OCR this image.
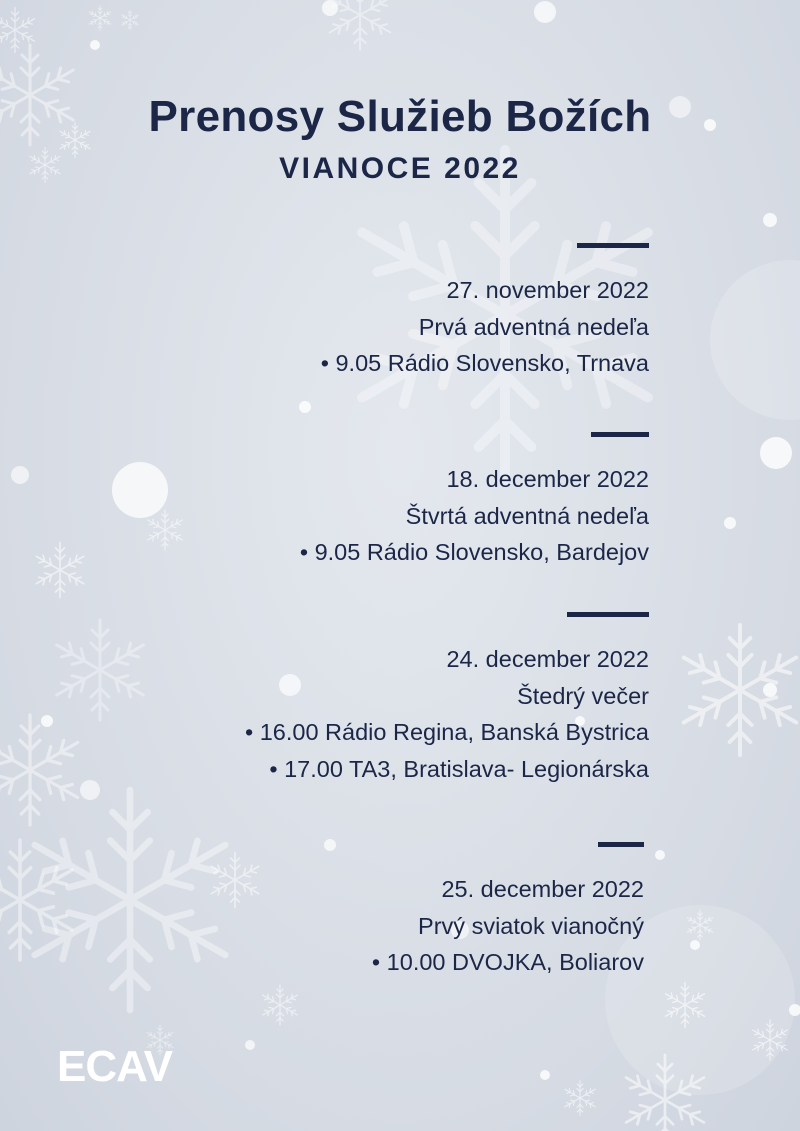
Prenosy Služieb Božích
VIANOCE 2022
27. november 2022
Prvá adventná nedeľa
• 9.05 Rádio Slovensko, Trnava
18. december 2022
Štvrtá adventná nedeľa
• 9.05 Rádio Slovensko, Bardejov
24. december 2022
Štedrý večer
• 16.00 Rádio Regina, Banská Bystrica
• 17.00 TA3, Bratislava- Legionárska
25. december 2022
Prvý sviatok vianočný
• 10.00 DVOJKA, Boliarov
ECAV
